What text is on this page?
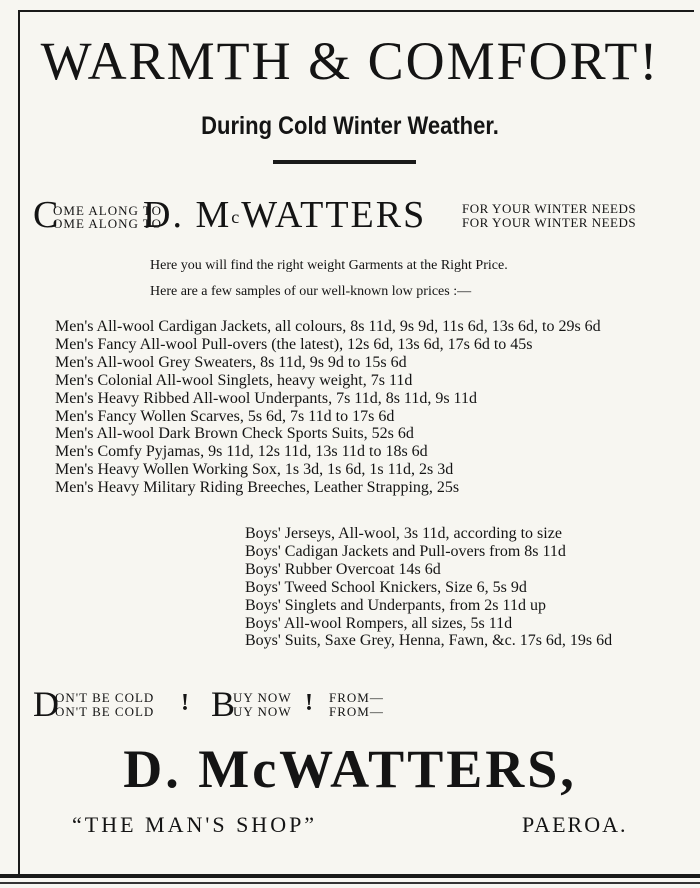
WARMTH & COMFORT!
During Cold Winter Weather.
C
OME ALONG TO
OME ALONG TO
D. $M^cWATTERS$	FOR YOUR WINTER NEEDS
FOR YOUR WINTER NEEDS
Here you will find the right weight Garments at the Right Price.
Here are a few samples of our well-known low prices :—
Men's All-wool Cardigan Jackets, all colours, 8s 11d, 9s 9d, 11s 6d, 13s 6d, to 29s 6d
Men's Fancy All-wool Pull-overs (the latest), 12s 6d, 13s 6d, 17s 6d to 45s
Men's All-wool Grey Sweaters, 8s 11d, 9s 9d to 15s 6d
Men's Colonial All-wool Singlets, heavy weight, 7s 11d
Men's Heavy Ribbed All-wool Underpants, 7s 11d, 8s 11d, 9s 11d
Men's Fancy Wollen Scarves, 5s 6d, 7s 11d to 17s 6d
Men's All-wool Dark Brown Check Sports Suits, 52s 6d
Men's Comfy Pyjamas, 9s 11d, 12s 11d, 13s 11d to 18s 6d
Men's Heavy Wollen Working Sox, 1s 3d, 1s 6d, 1s 11d, 2s 3d
Men's Heavy Military Riding Breeches, Leather Strapping, 25s
Boys' Jerseys, All-wool, 3s 11d, according to size
Boys' Cadigan Jackets and Pull-overs from 8s 11d
Boys' Rubber Overcoat 14s 6d
Boys' Tweed School Knickers, Size 6, 5s 9d
Boys' Singlets and Underpants, from 2s 11d up
Boys' All-wool Rompers, all sizes, 5s 11d
Boys' Suits, Saxe Grey, Henna, Fawn, &c. 17s 6d, 19s 6d
D
ON'T BE COLD
ON'T BE COLD ! B
UY NOW
UY NOW ! FROM—
FROM—
D. McWATTERS,
“THE MAN'S SHOP”	PAEROA.
